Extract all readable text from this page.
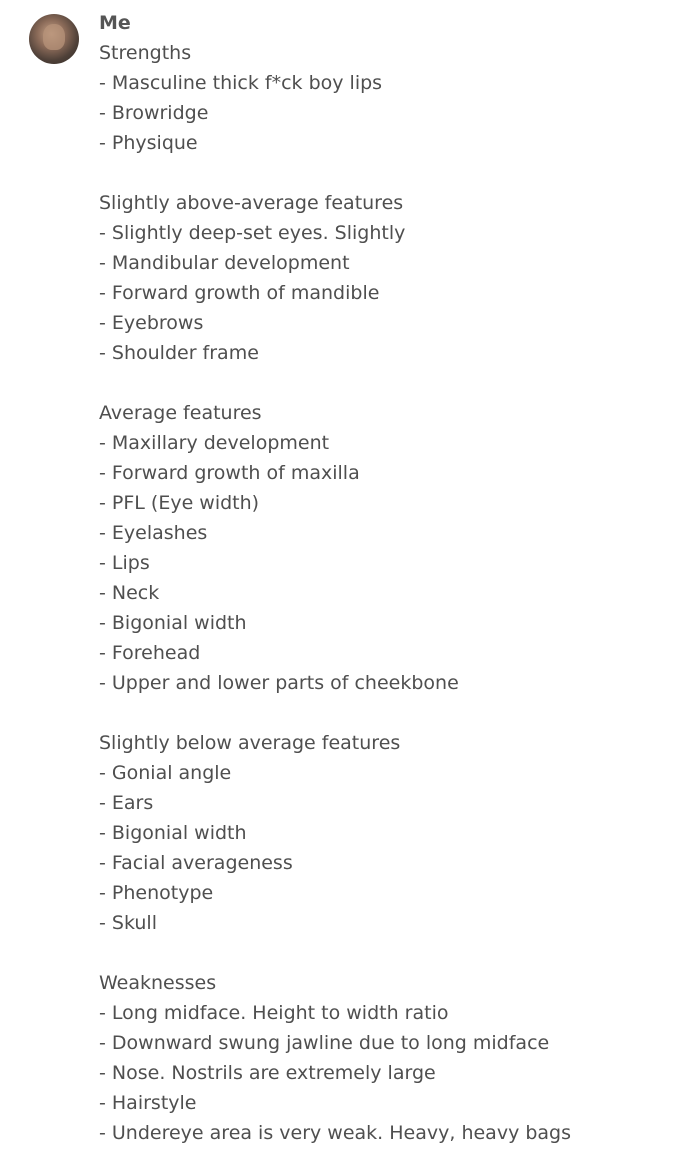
Me
Strengths
- Masculine thick f*ck boy lips
- Browridge
- Physique
Slightly above-average features
- Slightly deep-set eyes. Slightly
- Mandibular development
- Forward growth of mandible
- Eyebrows
- Shoulder frame
Average features
- Maxillary development
- Forward growth of maxilla
- PFL (Eye width)
- Eyelashes
- Lips
- Neck
- Bigonial width
- Forehead
- Upper and lower parts of cheekbone
Slightly below average features
- Gonial angle
- Ears
- Bigonial width
- Facial averageness
- Phenotype
- Skull
Weaknesses
- Long midface. Height to width ratio
- Downward swung jawline due to long midface
- Nose. Nostrils are extremely large
- Hairstyle
- Undereye area is very weak. Heavy, heavy bags
